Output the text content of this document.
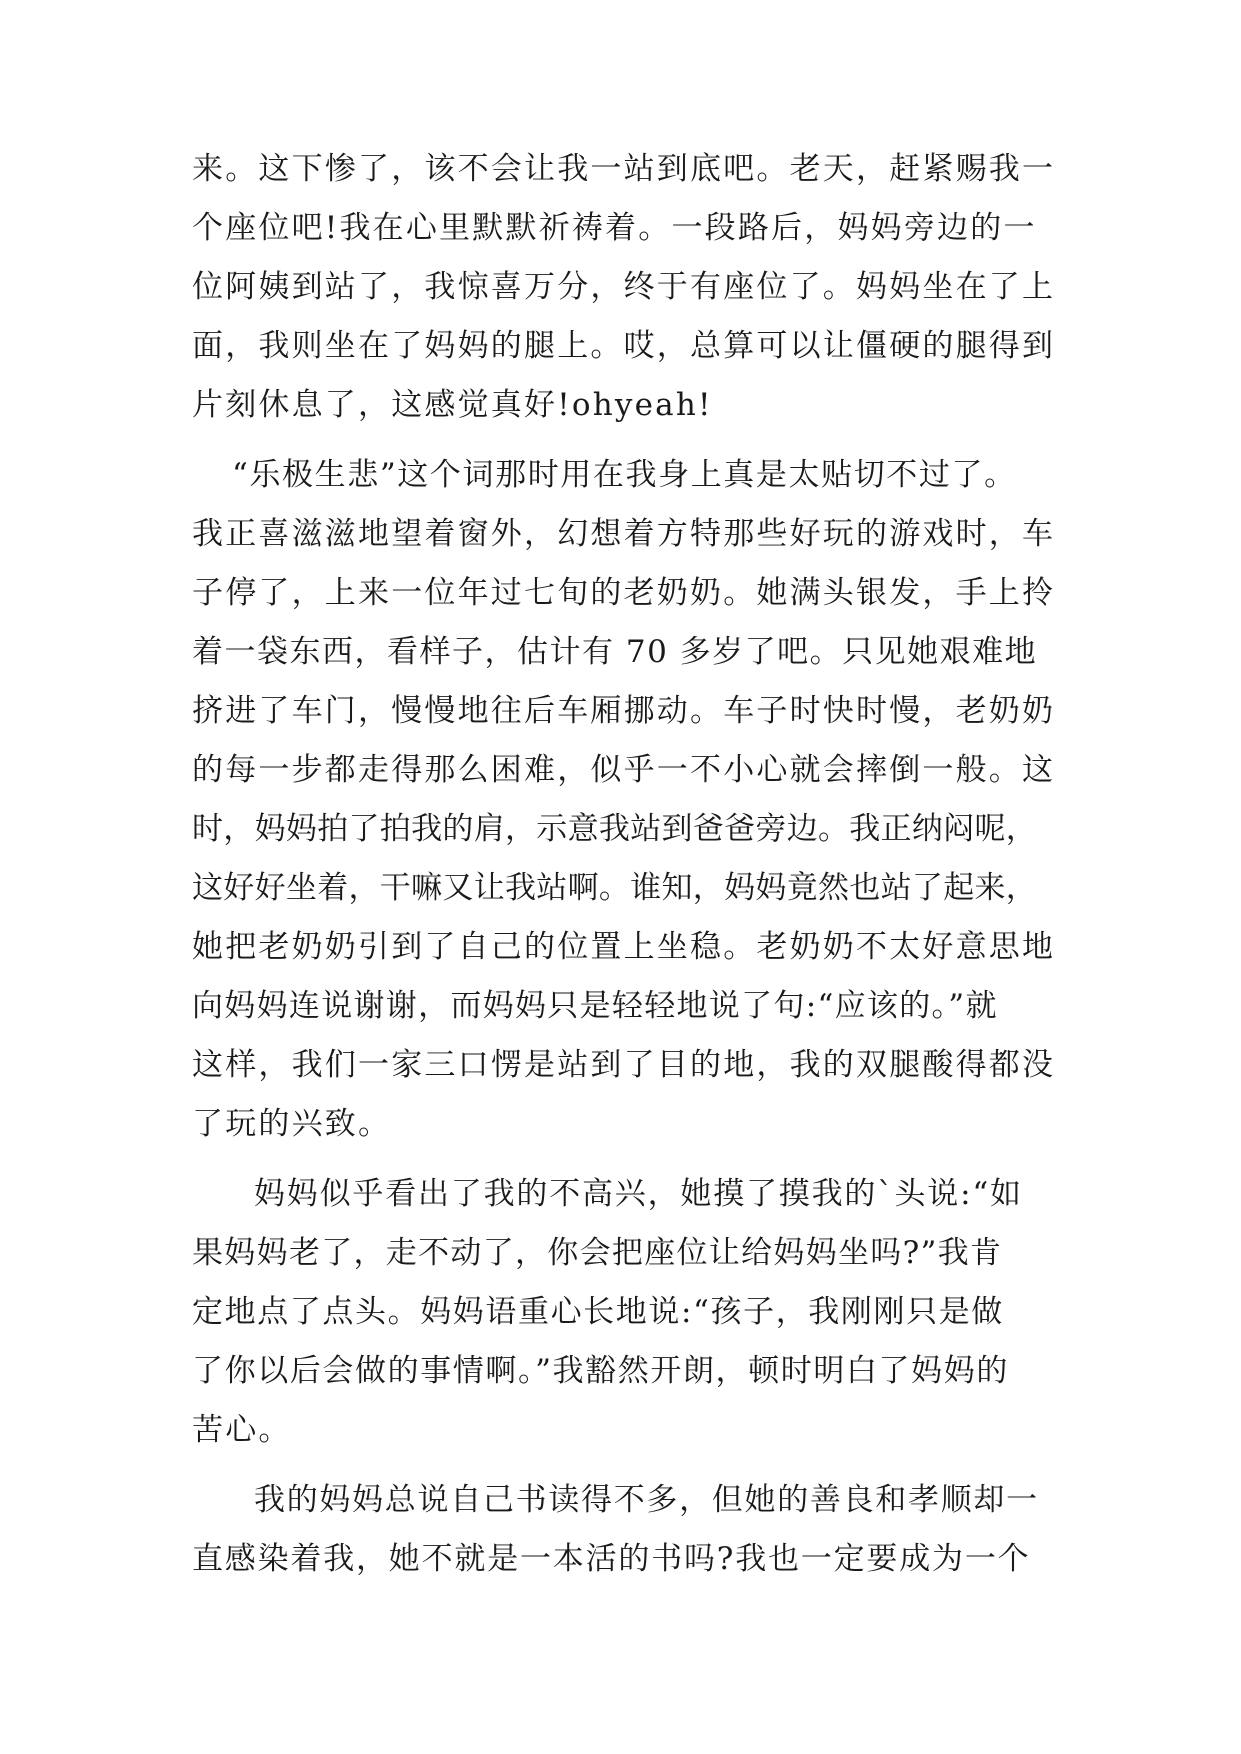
来。这下惨了，该不会让我一站到底吧。老天，赶紧赐我一
个座位吧!我在心里默默祈祷着。一段路后，妈妈旁边的一
位阿姨到站了，我惊喜万分，终于有座位了。妈妈坐在了上
面，我则坐在了妈妈的腿上。哎，总算可以让僵硬的腿得到
片刻休息了，这感觉真好!ohyeah!
“乐极生悲”这个词那时用在我身上真是太贴切不过了。
我正喜滋滋地望着窗外，幻想着方特那些好玩的游戏时，车
子停了，上来一位年过七旬的老奶奶。她满头银发，手上拎
着一袋东西，看样子，估计有 70 多岁了吧。只见她艰难地
挤进了车门，慢慢地往后车厢挪动。车子时快时慢，老奶奶
的每一步都走得那么困难，似乎一不小心就会摔倒一般。这
时，妈妈拍了拍我的肩，示意我站到爸爸旁边。我正纳闷呢，
这好好坐着，干嘛又让我站啊。谁知，妈妈竟然也站了起来，
她把老奶奶引到了自己的位置上坐稳。老奶奶不太好意思地
向妈妈连说谢谢，而妈妈只是轻轻地说了句:“应该的。”就
这样，我们一家三口愣是站到了目的地，我的双腿酸得都没
了玩的兴致。
妈妈似乎看出了我的不高兴，她摸了摸我的`头说:“如
果妈妈老了，走不动了，你会把座位让给妈妈坐吗?”我肯
定地点了点头。妈妈语重心长地说:“孩子，我刚刚只是做
了你以后会做的事情啊。”我豁然开朗，顿时明白了妈妈的
苦心。
我的妈妈总说自己书读得不多，但她的善良和孝顺却一
直感染着我，她不就是一本活的书吗?我也一定要成为一个
